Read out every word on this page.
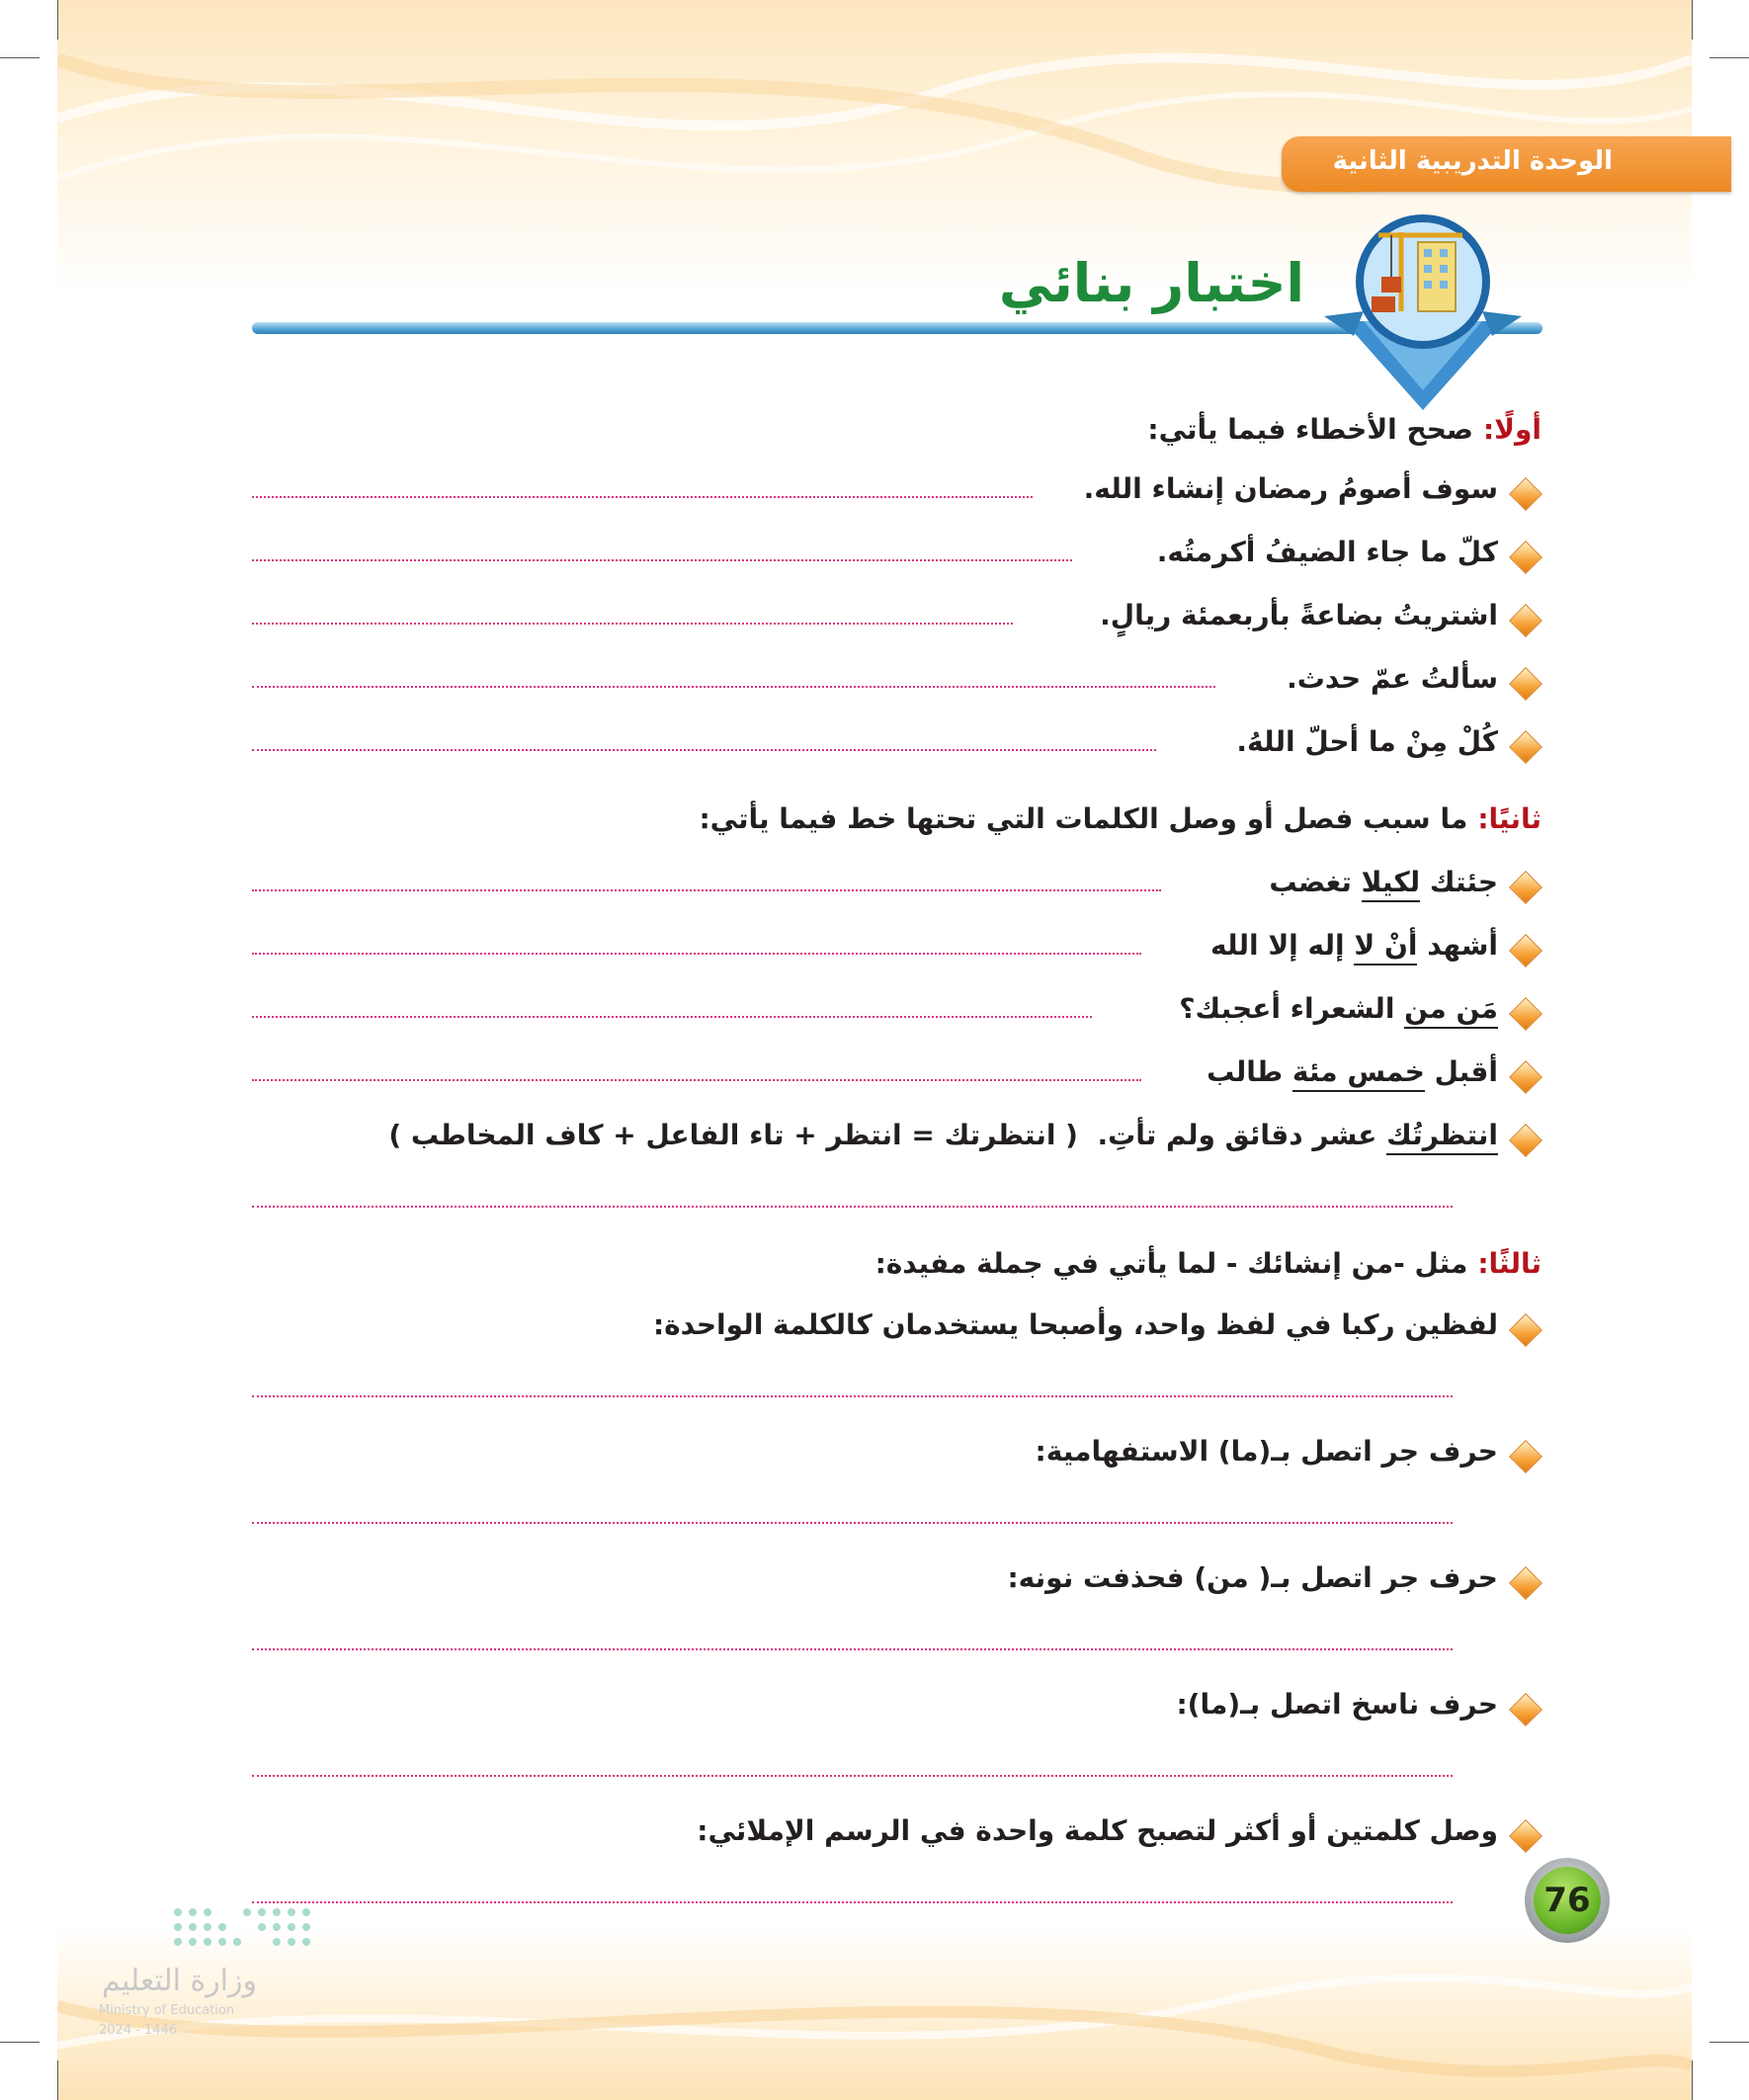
الوحدة التدريبية الثانية
اختبار بنائي
أولًا:صحح الأخطاء فيما يأتي:
سوف أصومُ رمضان إنشاء الله.
كلّ ما جاء الضيفُ أكرمتُه.
اشتريتُ بضاعةً بأربعمئة ريالٍ.
سألتُ عمّ حدث.
كُلْ مِنْ ما أحلّ اللهُ.
ثانيًا:ما سبب فصل أو وصل الكلمات التي تحتها خط فيما يأتي:
جئتك لكيلا تغضب
أشهد أنْ لا إله إلا الله
مَن من الشعراء أعجبك؟
أقبل خمس مئة طالب
انتظرتُك عشر دقائق ولم تأتِ.  ( انتظرتك = انتظر + تاء الفاعل + كاف المخاطب )
ثالثًا:مثل -من إنشائك - لما يأتي في جملة مفيدة:
لفظين ركبا في لفظ واحد، وأصبحا يستخدمان كالكلمة الواحدة:
حرف جر اتصل بـ(ما) الاستفهامية:
حرف جر اتصل بـ( من) فحذفت نونه:
حرف ناسخ اتصل بـ(ما):
وصل كلمتين أو أكثر لتصبح كلمة واحدة في الرسم الإملائي:
76
وزارة التعليم
Ministry of Education
2024 - 1446
